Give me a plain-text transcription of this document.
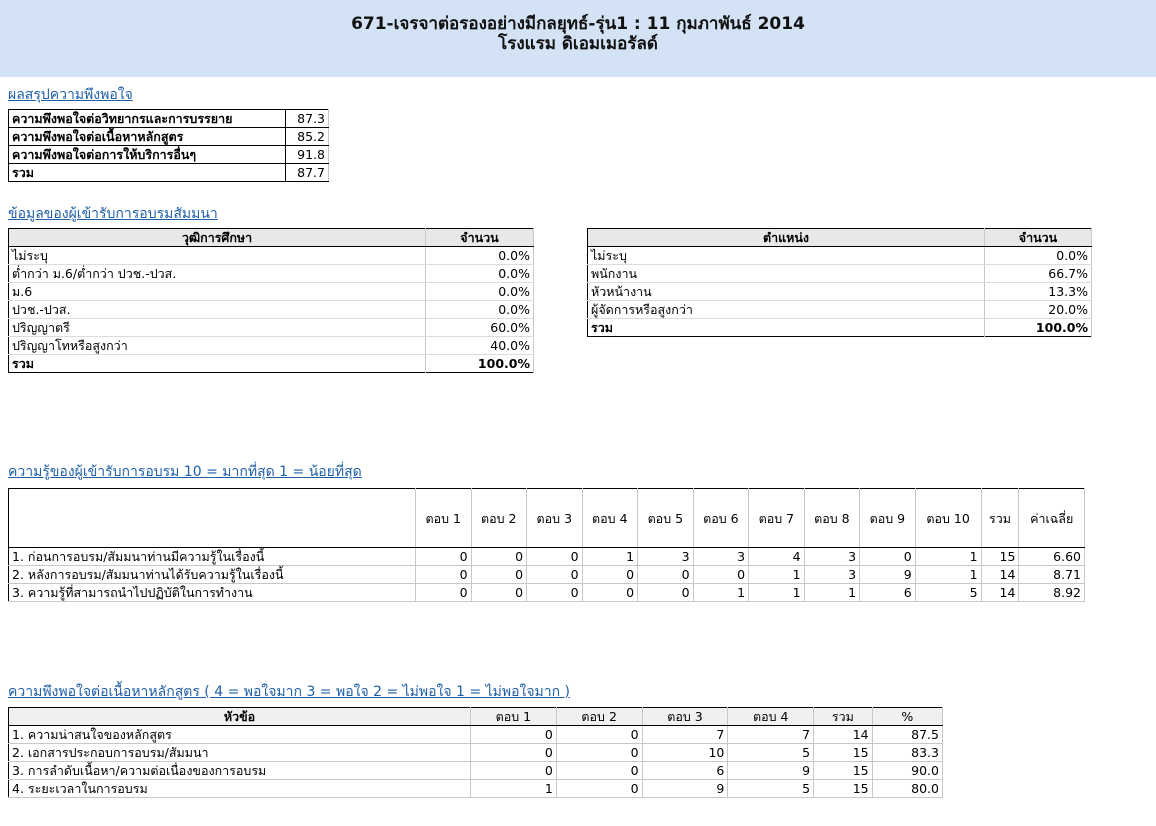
671-เจรจาต่อรองอย่างมีกลยุทธ์-รุ่น1 : 11 กุมภาพันธ์ 2014
โรงแรม ดิเอมเมอรัลด์
ผลสรุปความพึงพอใจ
ความพึงพอใจต่อวิทยากรและการบรรยาย	87.3
ความพึงพอใจต่อเนื้อหาหลักสูตร	85.2
ความพึงพอใจต่อการให้บริการอื่นๆ	91.8
รวม	87.7
ข้อมูลของผู้เข้ารับการอบรมสัมมนา
วุฒิการศึกษา	จำนวน
ไม่ระบุ	0.0%
ต่ำกว่า ม.6/ต่ำกว่า ปวช.-ปวส.	0.0%
ม.6	0.0%
ปวช.-ปวส.	0.0%
ปริญญาตรี	60.0%
ปริญญาโทหรือสูงกว่า	40.0%
รวม	100.0%
ตำแหน่ง	จำนวน
ไม่ระบุ	0.0%
พนักงาน	66.7%
หัวหน้างาน	13.3%
ผู้จัดการหรือสูงกว่า	20.0%
รวม	100.0%
ความรู้ของผู้เข้ารับการอบรม 10 = มากที่สุด 1 = น้อยที่สุด
	ตอบ 1	ตอบ 2	ตอบ 3	ตอบ 4	ตอบ 5	ตอบ 6	ตอบ 7	ตอบ 8	ตอบ 9	ตอบ 10	รวม	ค่าเฉลี่ย
1. ก่อนการอบรม/สัมมนาท่านมีความรู้ในเรื่องนี้	0	0	0	1	3	3	4	3	0	1	15	6.60
2. หลังการอบรม/สัมมนาท่านได้รับความรู้ในเรื่องนี้	0	0	0	0	0	0	1	3	9	1	14	8.71
3. ความรู้ที่สามารถนำไปปฏิบัติในการทำงาน	0	0	0	0	0	1	1	1	6	5	14	8.92
ความพึงพอใจต่อเนื้อหาหลักสูตร ( 4 = พอใจมาก 3 = พอใจ 2 = ไม่พอใจ 1 = ไม่พอใจมาก )
หัวข้อ	ตอบ 1	ตอบ 2	ตอบ 3	ตอบ 4	รวม	%
1. ความน่าสนใจของหลักสูตร	0	0	7	7	14	87.5
2. เอกสารประกอบการอบรม/สัมมนา	0	0	10	5	15	83.3
3. การลำดับเนื้อหา/ความต่อเนื่องของการอบรม	0	0	6	9	15	90.0
4. ระยะเวลาในการอบรม	1	0	9	5	15	80.0
